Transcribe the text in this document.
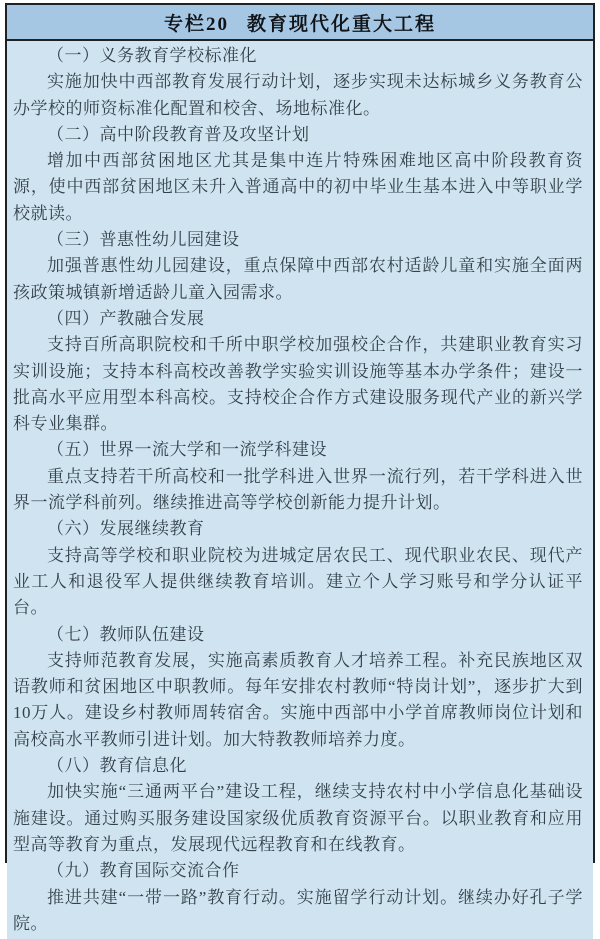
专栏20 教育现代化重大工程

（一）义务教育学校标准化

实施加快中西部教育发展行动计划，逐步实现未达标城乡义务教育公办学校的师资标准化配置和校舍、场地标准化。

（二）高中阶段教育普及攻坚计划

增加中西部贫困地区尤其是集中连片特殊困难地区高中阶段教育资源，使中西部贫困地区未升入普通高中的初中毕业生基本进入中等职业学校就读。

（三）普惠性幼儿园建设

加强普惠性幼儿园建设，重点保障中西部农村适龄儿童和实施全面两孩政策城镇新增适龄儿童入园需求。

（四）产教融合发展

支持百所高职院校和千所中职学校加强校企合作，共建职业教育实习实训设施；支持本科高校改善教学实验实训设施等基本办学条件；建设一批高水平应用型本科高校。支持校企合作方式建设服务现代产业的新兴学科专业集群。

（五）世界一流大学和一流学科建设

重点支持若干所高校和一批学科进入世界一流行列，若干学科进入世界一流学科前列。继续推进高等学校创新能力提升计划。

（六）发展继续教育

支持高等学校和职业院校为进城定居农民工、现代职业农民、现代产业工人和退役军人提供继续教育培训。建立个人学习账号和学分认证平台。

（七）教师队伍建设

支持师范教育发展，实施高素质教育人才培养工程。补充民族地区双语教师和贫困地区中职教师。每年安排农村教师“特岗计划”，逐步扩大到10万人。建设乡村教师周转宿舍。实施中西部中小学首席教师岗位计划和高校高水平教师引进计划。加大特教教师培养力度。

（八）教育信息化

加快实施“三通两平台”建设工程，继续支持农村中小学信息化基础设施建设。通过购买服务建设国家级优质教育资源平台。以职业教育和应用型高等教育为重点，发展现代远程教育和在线教育。

（九）教育国际交流合作

推进共建“一带一路”教育行动。实施留学行动计划。继续办好孔子学院。
